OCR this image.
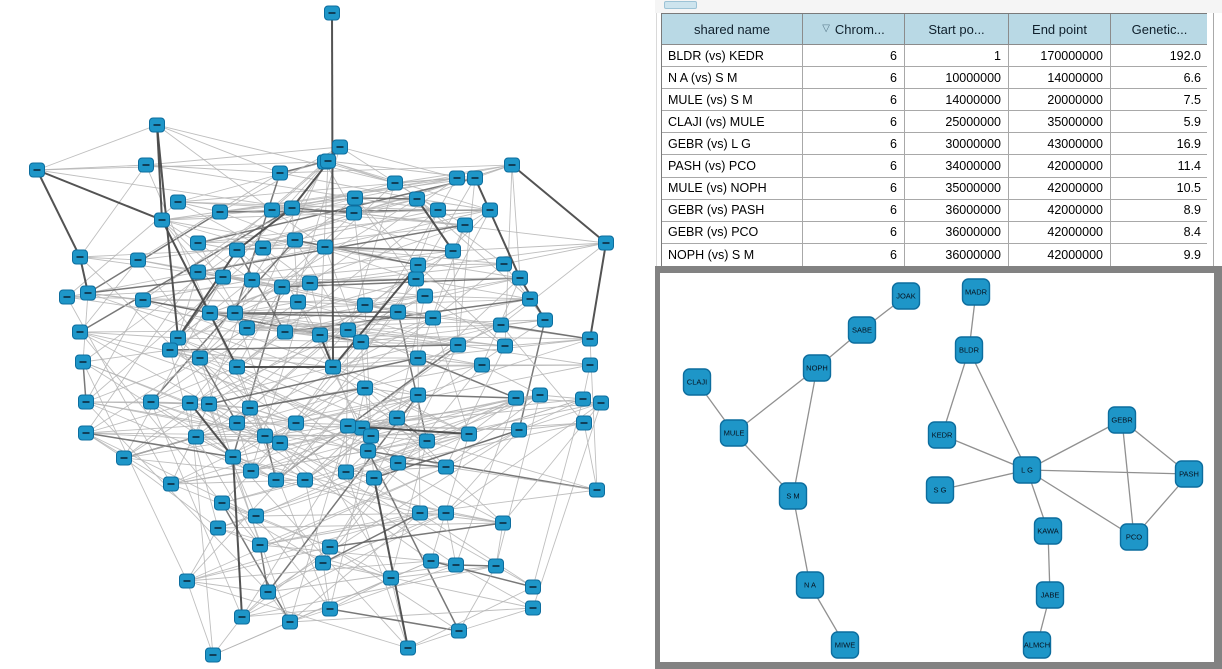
shared name	▽ Chrom...	Start po...	End point	Genetic...
BLDR (vs) KEDR	6	1	170000000	192.0
N A (vs) S M	6	10000000	14000000	6.6
MULE (vs) S M	6	14000000	20000000	7.5
CLAJI (vs) MULE	6	25000000	35000000	5.9
GEBR (vs) L G	6	30000000	43000000	16.9
PASH (vs) PCO	6	34000000	42000000	11.4
MULE (vs) NOPH	6	35000000	42000000	10.5
GEBR (vs) PASH	6	36000000	42000000	8.9
GEBR (vs) PCO	6	36000000	42000000	8.4
NOPH (vs) S M	6	36000000	42000000	9.9
JOAK	MADR
SABE
NOPH
BLDR
CLAJI
MULE	KEDR
GEBR
L G
S G
PASH
PCO
KAWA
JABE
ALMCH
S M
N A
MIWE
